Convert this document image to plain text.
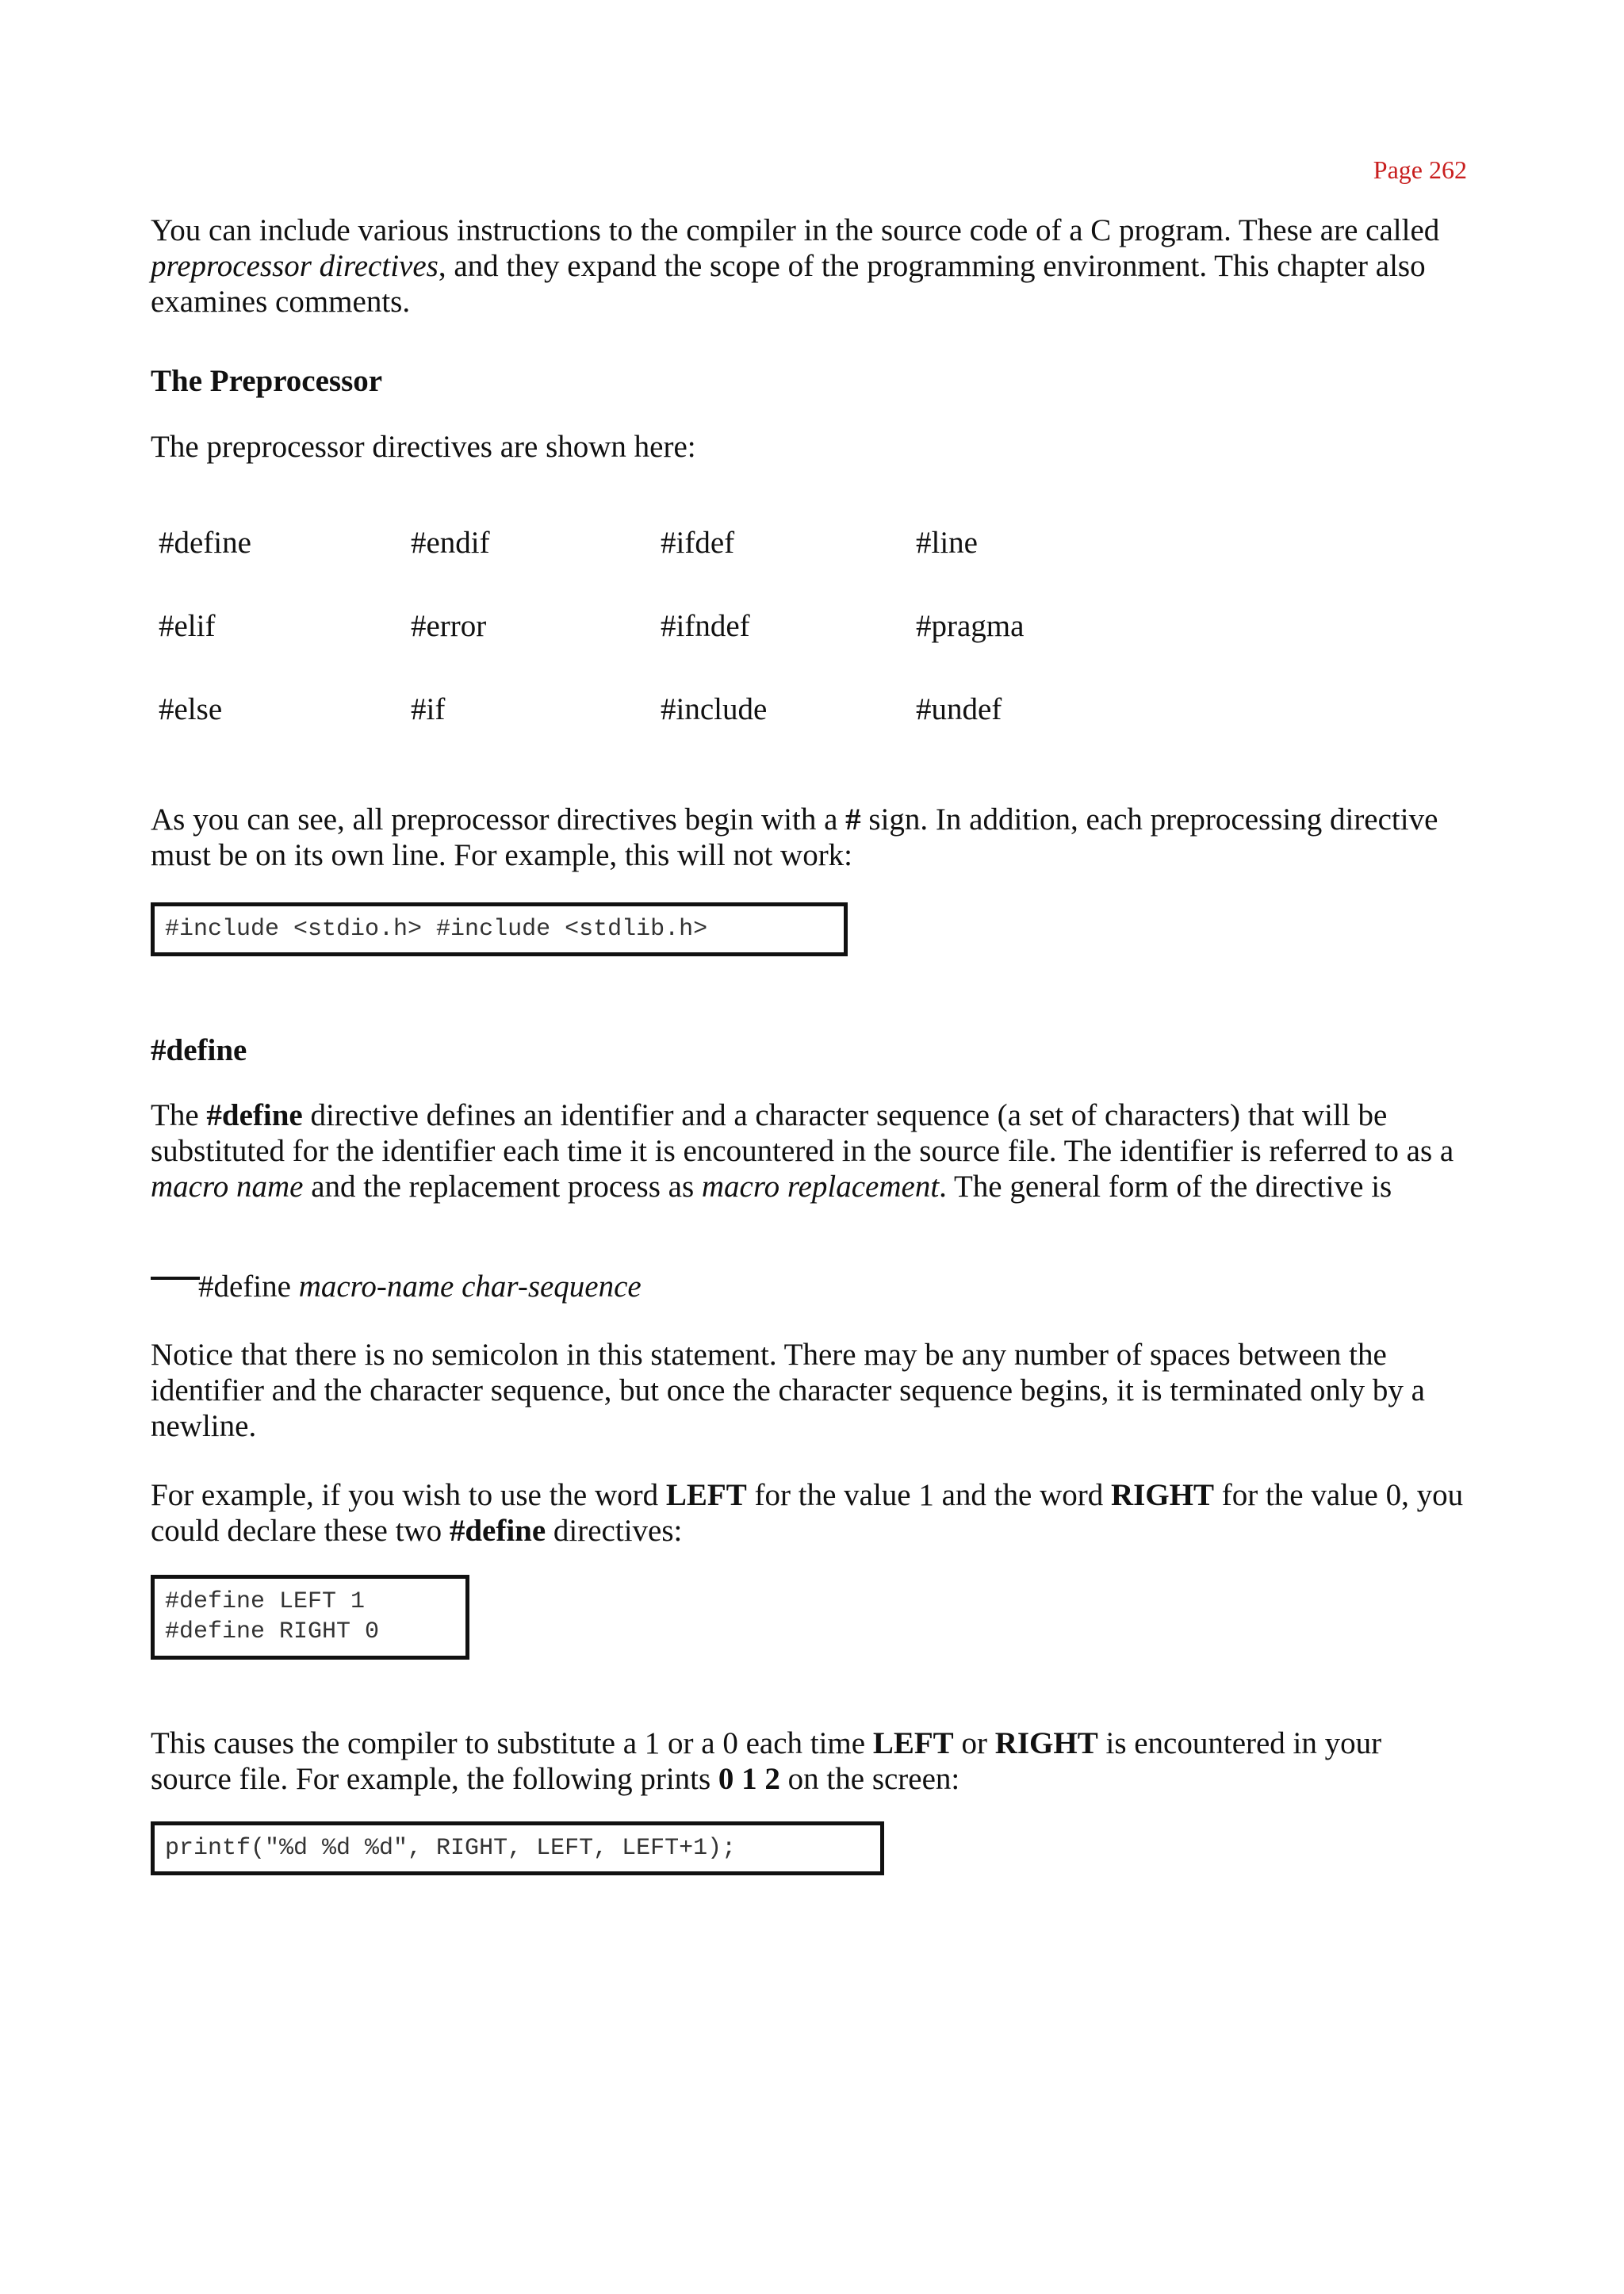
Page 262

You can include various instructions to the compiler in the source code of a C program. These are called preprocessor directives, and they expand the scope of the programming environment. This chapter also examines comments.

The Preprocessor

The preprocessor directives are shown here:

#define	#endif	#ifdef	#line
#elif	#error	#ifndef	#pragma
#else	#if	#include	#undef

As you can see, all preprocessor directives begin with a # sign. In addition, each preprocessing directive must be on its own line. For example, this will not work:

#include <stdio.h> #include <stdlib.h>
#define

The #define directive defines an identifier and a character sequence (a set of characters) that will be substituted for the identifier each time it is encountered in the source file. The identifier is referred to as a macro name and the replacement process as macro replacement. The general form of the directive is

#define macro-name char-sequence

Notice that there is no semicolon in this statement. There may be any number of spaces between the identifier and the character sequence, but once the character sequence begins, it is terminated only by a newline.

For example, if you wish to use the word LEFT for the value 1 and the word RIGHT for the value 0, you could declare these two #define directives:

#define LEFT 1
#define RIGHT 0

This causes the compiler to substitute a 1 or a 0 each time LEFT or RIGHT is encountered in your source file. For example, the following prints 0 1 2 on the screen:

printf("%d %d %d", RIGHT, LEFT, LEFT+1);
